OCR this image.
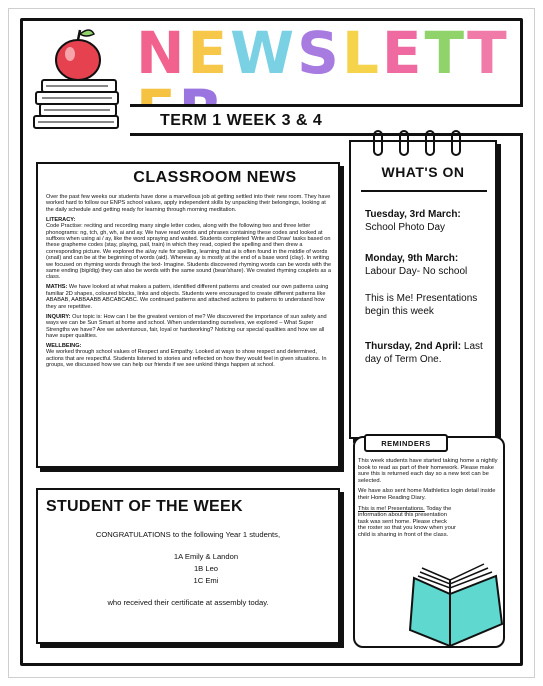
NEWSLETT
TERM 1 WEEK 3 & 4
CLASSROOM NEWS

Over the past few weeks our students have done a marvellous job at getting settled into their new room. They have worked hard to follow our ENPS school values, apply independent skills by unpacking their belongings, looking at the daily schedule and getting ready for learning through morning meditation.

LITERACY:
Code Practise: reciting and recording many single letter codes, along with the following two and three letter phonograms: ng, tch, gh, wh, ai and ay. We have read words and phrases containing these codes and looked at suffixes when using ai / ay, like the word spraying and waited. Students completed 'Write and Draw' tasks based on these grapheme codes (stay, playing, pail, train) in which they read, copied the spelling and then drew a corresponding picture. We explored the ai/ay rule for spelling, learning that ai is often found in the middle of words (snail) and can be at the beginning of words (aid). Whereas ay is mostly at the end of a base word (clay). In writing we focused on rhyming words through the text- Imagine. Students discovered rhyming words can be words with the same ending (big/dig) they can also be words with the same sound (bear/share). We created rhyming couplets as a class.

MATHS: We have looked at what makes a pattern, identified different patterns and created our own patterns using familiar 2D shapes, coloured blocks, links and objects. Students were encouraged to create different patterns like ABABAB, AABBAABB ABCABCABC. We continued patterns and attached actions to patterns to understand how they are repetitive.

INQUIRY: Our topic is: How can I be the greatest version of me? We discovered the importance of sun safety and ways we can be Sun Smart at home and school. When understanding ourselves, we explored – What Super Strengths we have? Are we adventurous, fair, loyal or hardworking? Noticing our special qualities and how we all have super qualities.

WELLBEING:
We worked through school values of Respect and Empathy. Looked at ways to show respect and determined, actions that are respectful. Students listened to stories and reflected on how they would feel in given situations. In groups, we discussed how we can help our friends if we see unkind things happen at school.

WHAT'S ON
Tuesday, 3rd March:
School Photo Day
Monday, 9th March:
Labour Day- No school
This is Me! Presentations begin this week
Thursday, 2nd April: Last day of Term One.
REMINDERS

This week students have started taking home a nightly book to read as part of their homework. Please make sure this is returned each day so a new text can be selected.

We have also sent home Mathletics login detail inside their Home Reading Diary.

This is me! Presentations. Today the information about this presentation task was sent home. Please check the roster so that you know when your child is sharing in front of the class.

STUDENT OF THE WEEK
CONGRATULATIONS to the following Year 1 students,
1A Emily & Landon
1B Leo
1C Emi
who received their certificate at assembly today.
